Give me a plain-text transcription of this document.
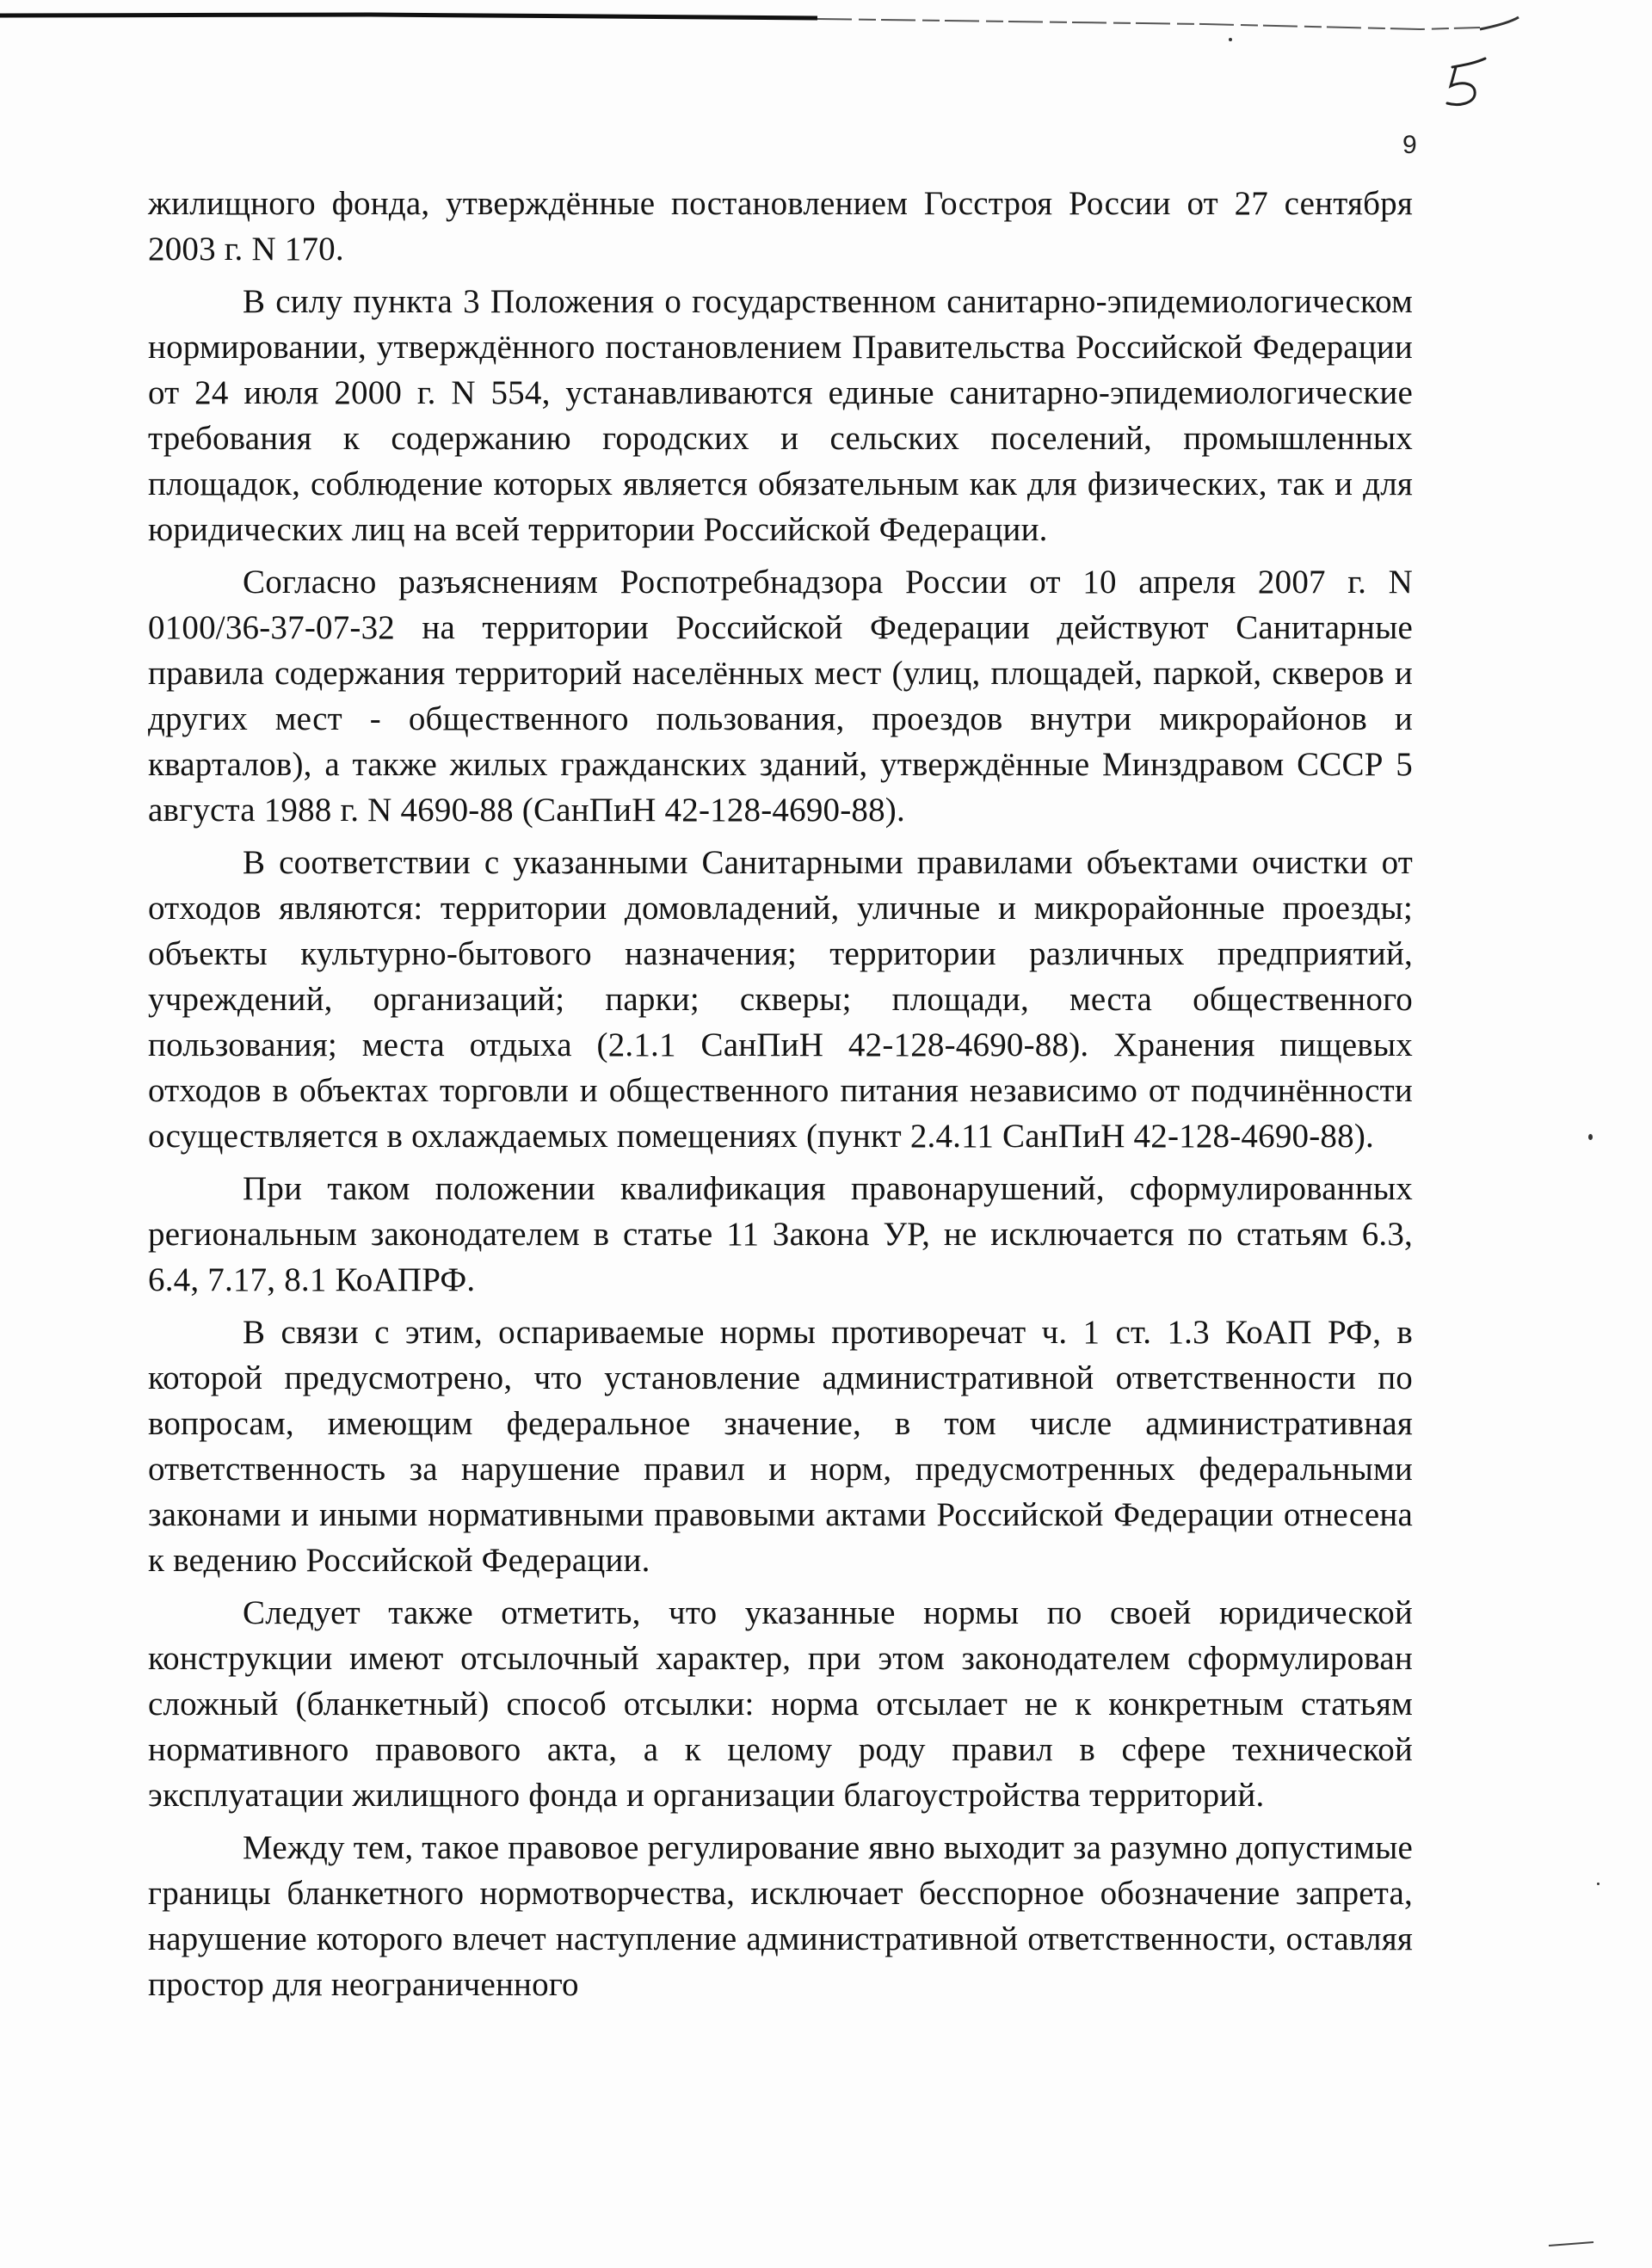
5
9

жилищного фонда, утверждённые постановлением Госстроя России от 27 сентября 2003 г. N 170.

В силу пункта 3 Положения о государственном санитарно-эпидемиологическом нормировании, утверждённого постановлением Правительства Российской Федерации от 24 июля 2000 г. N 554, устанавливаются единые санитарно-эпидемиологические требования к содержанию городских и сельских поселений, промышленных площадок, соблюдение которых является обязательным как для физических, так и для юридических лиц на всей территории Российской Федерации.

Согласно разъяснениям Роспотребнадзора России от 10 апреля 2007 г. N 0100/36-37-07-32 на территории Российской Федерации действуют Санитарные правила содержания территорий населённых мест (улиц, площадей, паркой, скверов и других мест - общественного пользования, проездов внутри микрорайонов и кварталов), а также жилых гражданских зданий, утверждённые Минздравом СССР 5 августа 1988 г. N 4690-88 (СанПиН 42-128-4690-88).

В соответствии с указанными Санитарными правилами объектами очистки от отходов являются: территории домовладений, уличные и микрорайонные проезды; объекты культурно-бытового назначения; территории различных предприятий, учреждений, организаций; парки; скверы; площади, места общественного пользования; места отдыха (2.1.1 СанПиН 42-128-4690-88). Хранения пищевых отходов в объектах торговли и общественного питания независимо от подчинённости осуществляется в охлаждаемых помещениях (пункт 2.4.11 СанПиН 42-128-4690-88).

При таком положении квалификация правонарушений, сформулированных региональным законодателем в статье 11 Закона УР, не исключается по статьям 6.3, 6.4, 7.17, 8.1 КоАПРФ.

В связи с этим, оспариваемые нормы противоречат ч. 1 ст. 1.3 КоАП РФ, в которой предусмотрено, что установление административной ответственности по вопросам, имеющим федеральное значение, в том числе административная ответственность за нарушение правил и норм, предусмотренных федеральными законами и иными нормативными правовыми актами Российской Федерации отнесена к ведению Российской Федерации.

Следует также отметить, что указанные нормы по своей юридической конструкции имеют отсылочный характер, при этом законодателем сформулирован сложный (бланкетный) способ отсылки: норма отсылает не к конкретным статьям нормативного правового акта, а к целому роду правил в сфере технической эксплуатации жилищного фонда и организации благоустройства территорий.

Между тем, такое правовое регулирование явно выходит за разумно допустимые границы бланкетного нормотворчества, исключает бесспорное обозначение запрета, нарушение которого влечет наступление административной ответственности, оставляя простор для неограниченного
